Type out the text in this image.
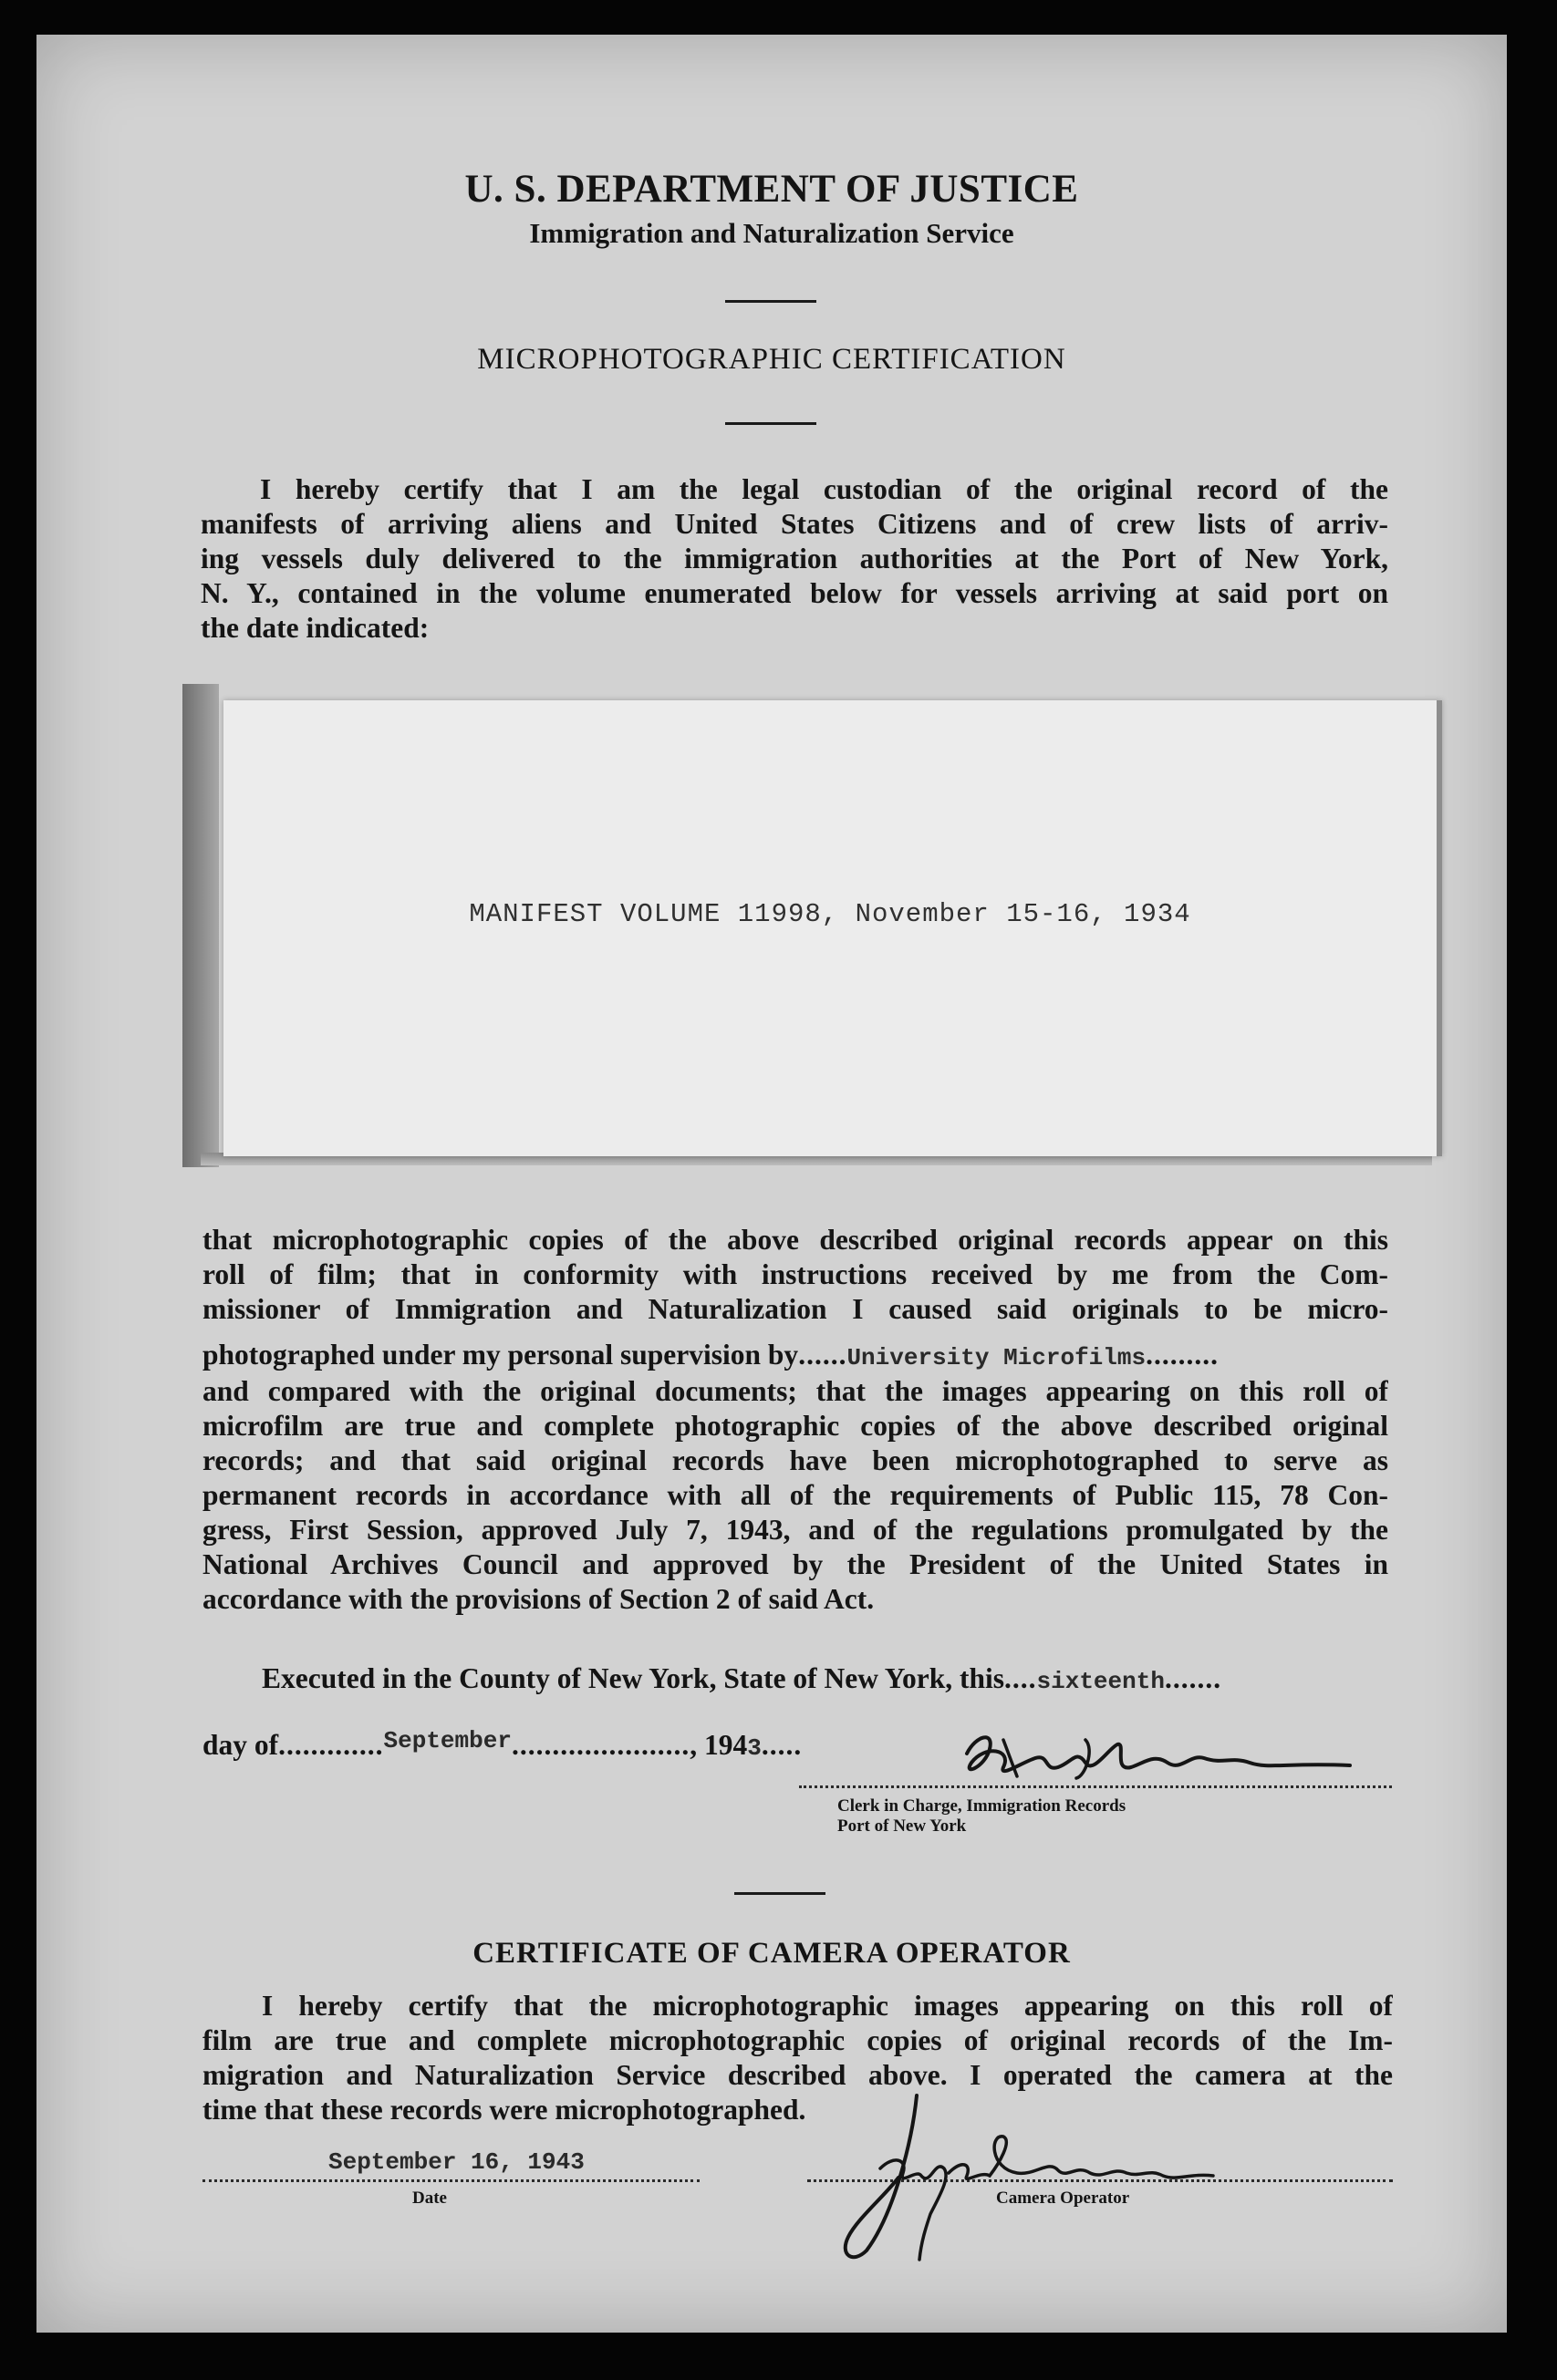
U. S. DEPARTMENT OF JUSTICE
Immigration and Naturalization Service
MICROPHOTOGRAPHIC CERTIFICATION
I hereby certify that I am the legal custodian of the original record of the
manifests of arriving aliens and United States Citizens and of crew lists of arriv-
ing vessels duly delivered to the immigration authorities at the Port of New York,
N. Y., contained in the volume enumerated below for vessels arriving at said port on
the date indicated:
MANIFEST VOLUME 11998, November 15-16, 1934
that microphotographic copies of the above described original records appear on this
roll of film; that in conformity with instructions received by me from the Com-
missioner of Immigration and Naturalization I caused said originals to be micro-
photographed under my personal supervision by......University Microfilms.........
and compared with the original documents; that the images appearing on this roll of
microfilm are true and complete photographic copies of the above described original
records; and that said original records have been microphotographed to serve as
permanent records in accordance with all of the requirements of Public 115, 78 Con-
gress, First Session, approved July 7, 1943, and of the regulations promulgated by the
National Archives Council and approved by the President of the United States in
accordance with the provisions of Section 2 of said Act.
Executed in the County of New York, State of New York, this....sixteenth.......
day of.............$^{September}$......................, 1943.....
Clerk in Charge, Immigration Records
Port of New York
CERTIFICATE OF CAMERA OPERATOR
I hereby certify that the microphotographic images appearing on this roll of
film are true and complete microphotographic copies of original records of the Im-
migration and Naturalization Service described above. I operated the camera at the
time that these records were microphotographed.
September 16, 1943
Date	Camera Operator
